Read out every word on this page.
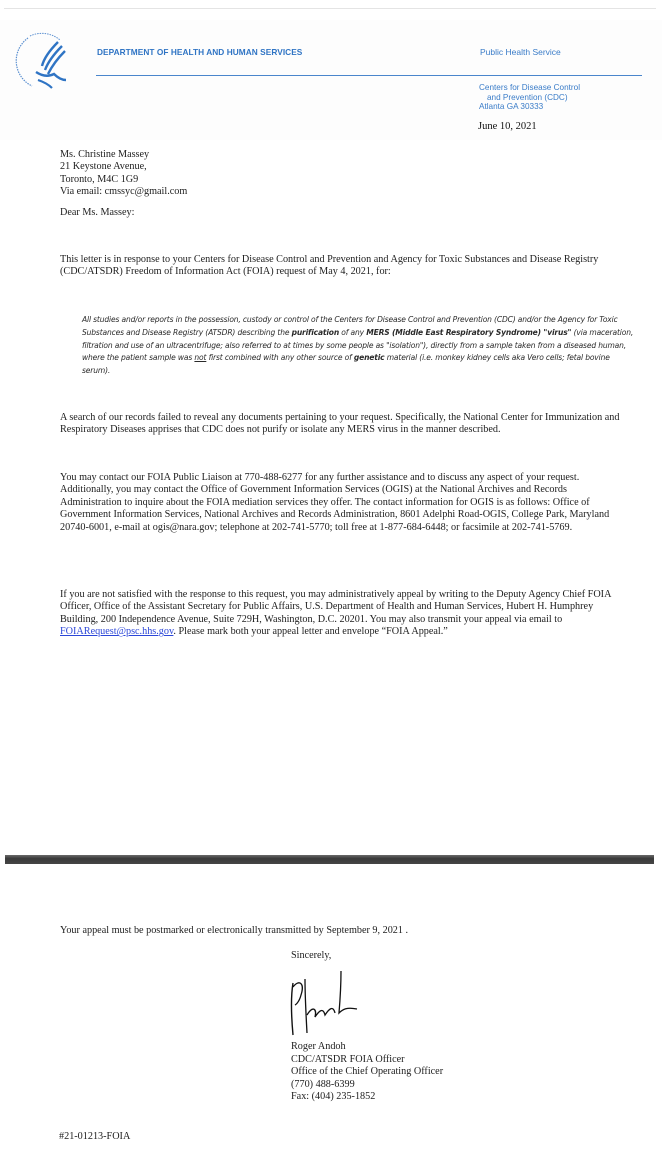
DEPARTMENT OF HEALTH AND HUMAN SERVICES	Public Health Service
Centers for Disease Control
and Prevention (CDC)
Atlanta GA 30333
June 10, 2021
Ms. Christine Massey
21 Keystone Avenue,
Toronto, M4C 1G9
Via email: cmssyc@gmail.com
Dear Ms. Massey:
This letter is in response to your Centers for Disease Control and Prevention and Agency for Toxic Substances and Disease Registry (CDC/ATSDR) Freedom of Information Act (FOIA) request of May 4, 2021, for:
All studies and/or reports in the possession, custody or control of the Centers for Disease Control and Prevention (CDC) and/or the Agency for Toxic Substances and Disease Registry (ATSDR) describing the purification of any MERS (Middle East Respiratory Syndrome) "virus" (via maceration, filtration and use of an ultracentrifuge; also referred to at times by some people as "isolation"), directly from a sample taken from a diseased human, where the patient sample was not first combined with any other source of genetic material (i.e. monkey kidney cells aka Vero cells; fetal bovine serum).
A search of our records failed to reveal any documents pertaining to your request. Specifically, the National Center for Immunization and Respiratory Diseases apprises that CDC does not purify or isolate any MERS virus in the manner described.
You may contact our FOIA Public Liaison at 770-488-6277 for any further assistance and to discuss any aspect of your request. Additionally, you may contact the Office of Government Information Services (OGIS) at the National Archives and Records Administration to inquire about the FOIA mediation services they offer. The contact information for OGIS is as follows: Office of Government Information Services, National Archives and Records Administration, 8601 Adelphi Road-OGIS, College Park, Maryland 20740-6001, e-mail at ogis@nara.gov; telephone at 202-741-5770; toll free at 1-877-684-6448; or facsimile at 202-741-5769.
If you are not satisfied with the response to this request, you may administratively appeal by writing to the Deputy Agency Chief FOIA Officer, Office of the Assistant Secretary for Public Affairs, U.S. Department of Health and Human Services, Hubert H. Humphrey Building, 200 Independence Avenue, Suite 729H, Washington, D.C. 20201. You may also transmit your appeal via email to FOIARequest@psc.hhs.gov. Please mark both your appeal letter and envelope “FOIA Appeal.”
Your appeal must be postmarked or electronically transmitted by September 9, 2021 .
Sincerely,
Roger Andoh
CDC/ATSDR FOIA Officer
Office of the Chief Operating Officer
(770) 488-6399
Fax: (404) 235-1852
#21-01213-FOIA
